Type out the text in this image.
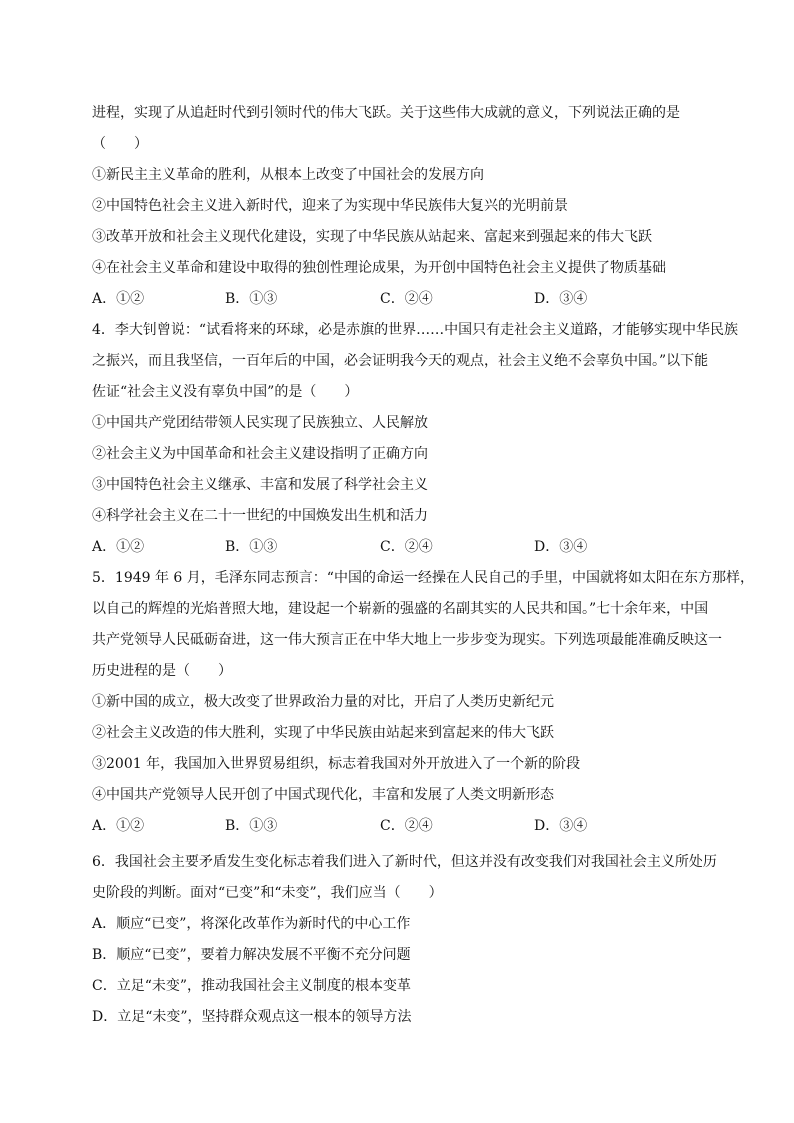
进程，实现了从追赶时代到引领时代的伟大飞跃。关于这些伟大成就的意义，下列说法正确的是
（　　）
①新民主主义革命的胜利，从根本上改变了中国社会的发展方向
②中国特色社会主义进入新时代，迎来了为实现中华民族伟大复兴的光明前景
③改革开放和社会主义现代化建设，实现了中华民族从站起来、富起来到强起来的伟大飞跃
④在社会主义革命和建设中取得的独创性理论成果，为开创中国特色社会主义提供了物质基础
A．①②	B．①③	C．②④	D．③④
4．李大钊曾说：“试看将来的环球，必是赤旗的世界……中国只有走社会主义道路，才能够实现中华民族
之振兴，而且我坚信，一百年后的中国，必会证明我今天的观点，社会主义绝不会辜负中国。”以下能
佐证“社会主义没有辜负中国”的是（　　）
①中国共产党团结带领人民实现了民族独立、人民解放
②社会主义为中国革命和社会主义建设指明了正确方向
③中国特色社会主义继承、丰富和发展了科学社会主义
④科学社会主义在二十一世纪的中国焕发出生机和活力
A．①②	B．①③	C．②④	D．③④
5．1949 年 6 月，毛泽东同志预言：“中国的命运一经操在人民自己的手里，中国就将如太阳在东方那样，
以自己的辉煌的光焰普照大地，建设起一个崭新的强盛的名副其实的人民共和国。”七十余年来，中国
共产党领导人民砥砺奋进，这一伟大预言正在中华大地上一步步变为现实。下列选项最能准确反映这一
历史进程的是（　　）
①新中国的成立，极大改变了世界政治力量的对比，开启了人类历史新纪元
②社会主义改造的伟大胜利，实现了中华民族由站起来到富起来的伟大飞跃
③2001 年，我国加入世界贸易组织，标志着我国对外开放进入了一个新的阶段
④中国共产党领导人民开创了中国式现代化，丰富和发展了人类文明新形态
A．①②	B．①③	C．②④	D．③④
6．我国社会主要矛盾发生变化标志着我们进入了新时代，但这并没有改变我们对我国社会主义所处历
史阶段的判断。面对“已变”和“未变”，我们应当（　　）
A．顺应“已变”，将深化改革作为新时代的中心工作
B．顺应“已变”，要着力解决发展不平衡不充分问题
C．立足“未变”，推动我国社会主义制度的根本变革
D．立足“未变”，坚持群众观点这一根本的领导方法
